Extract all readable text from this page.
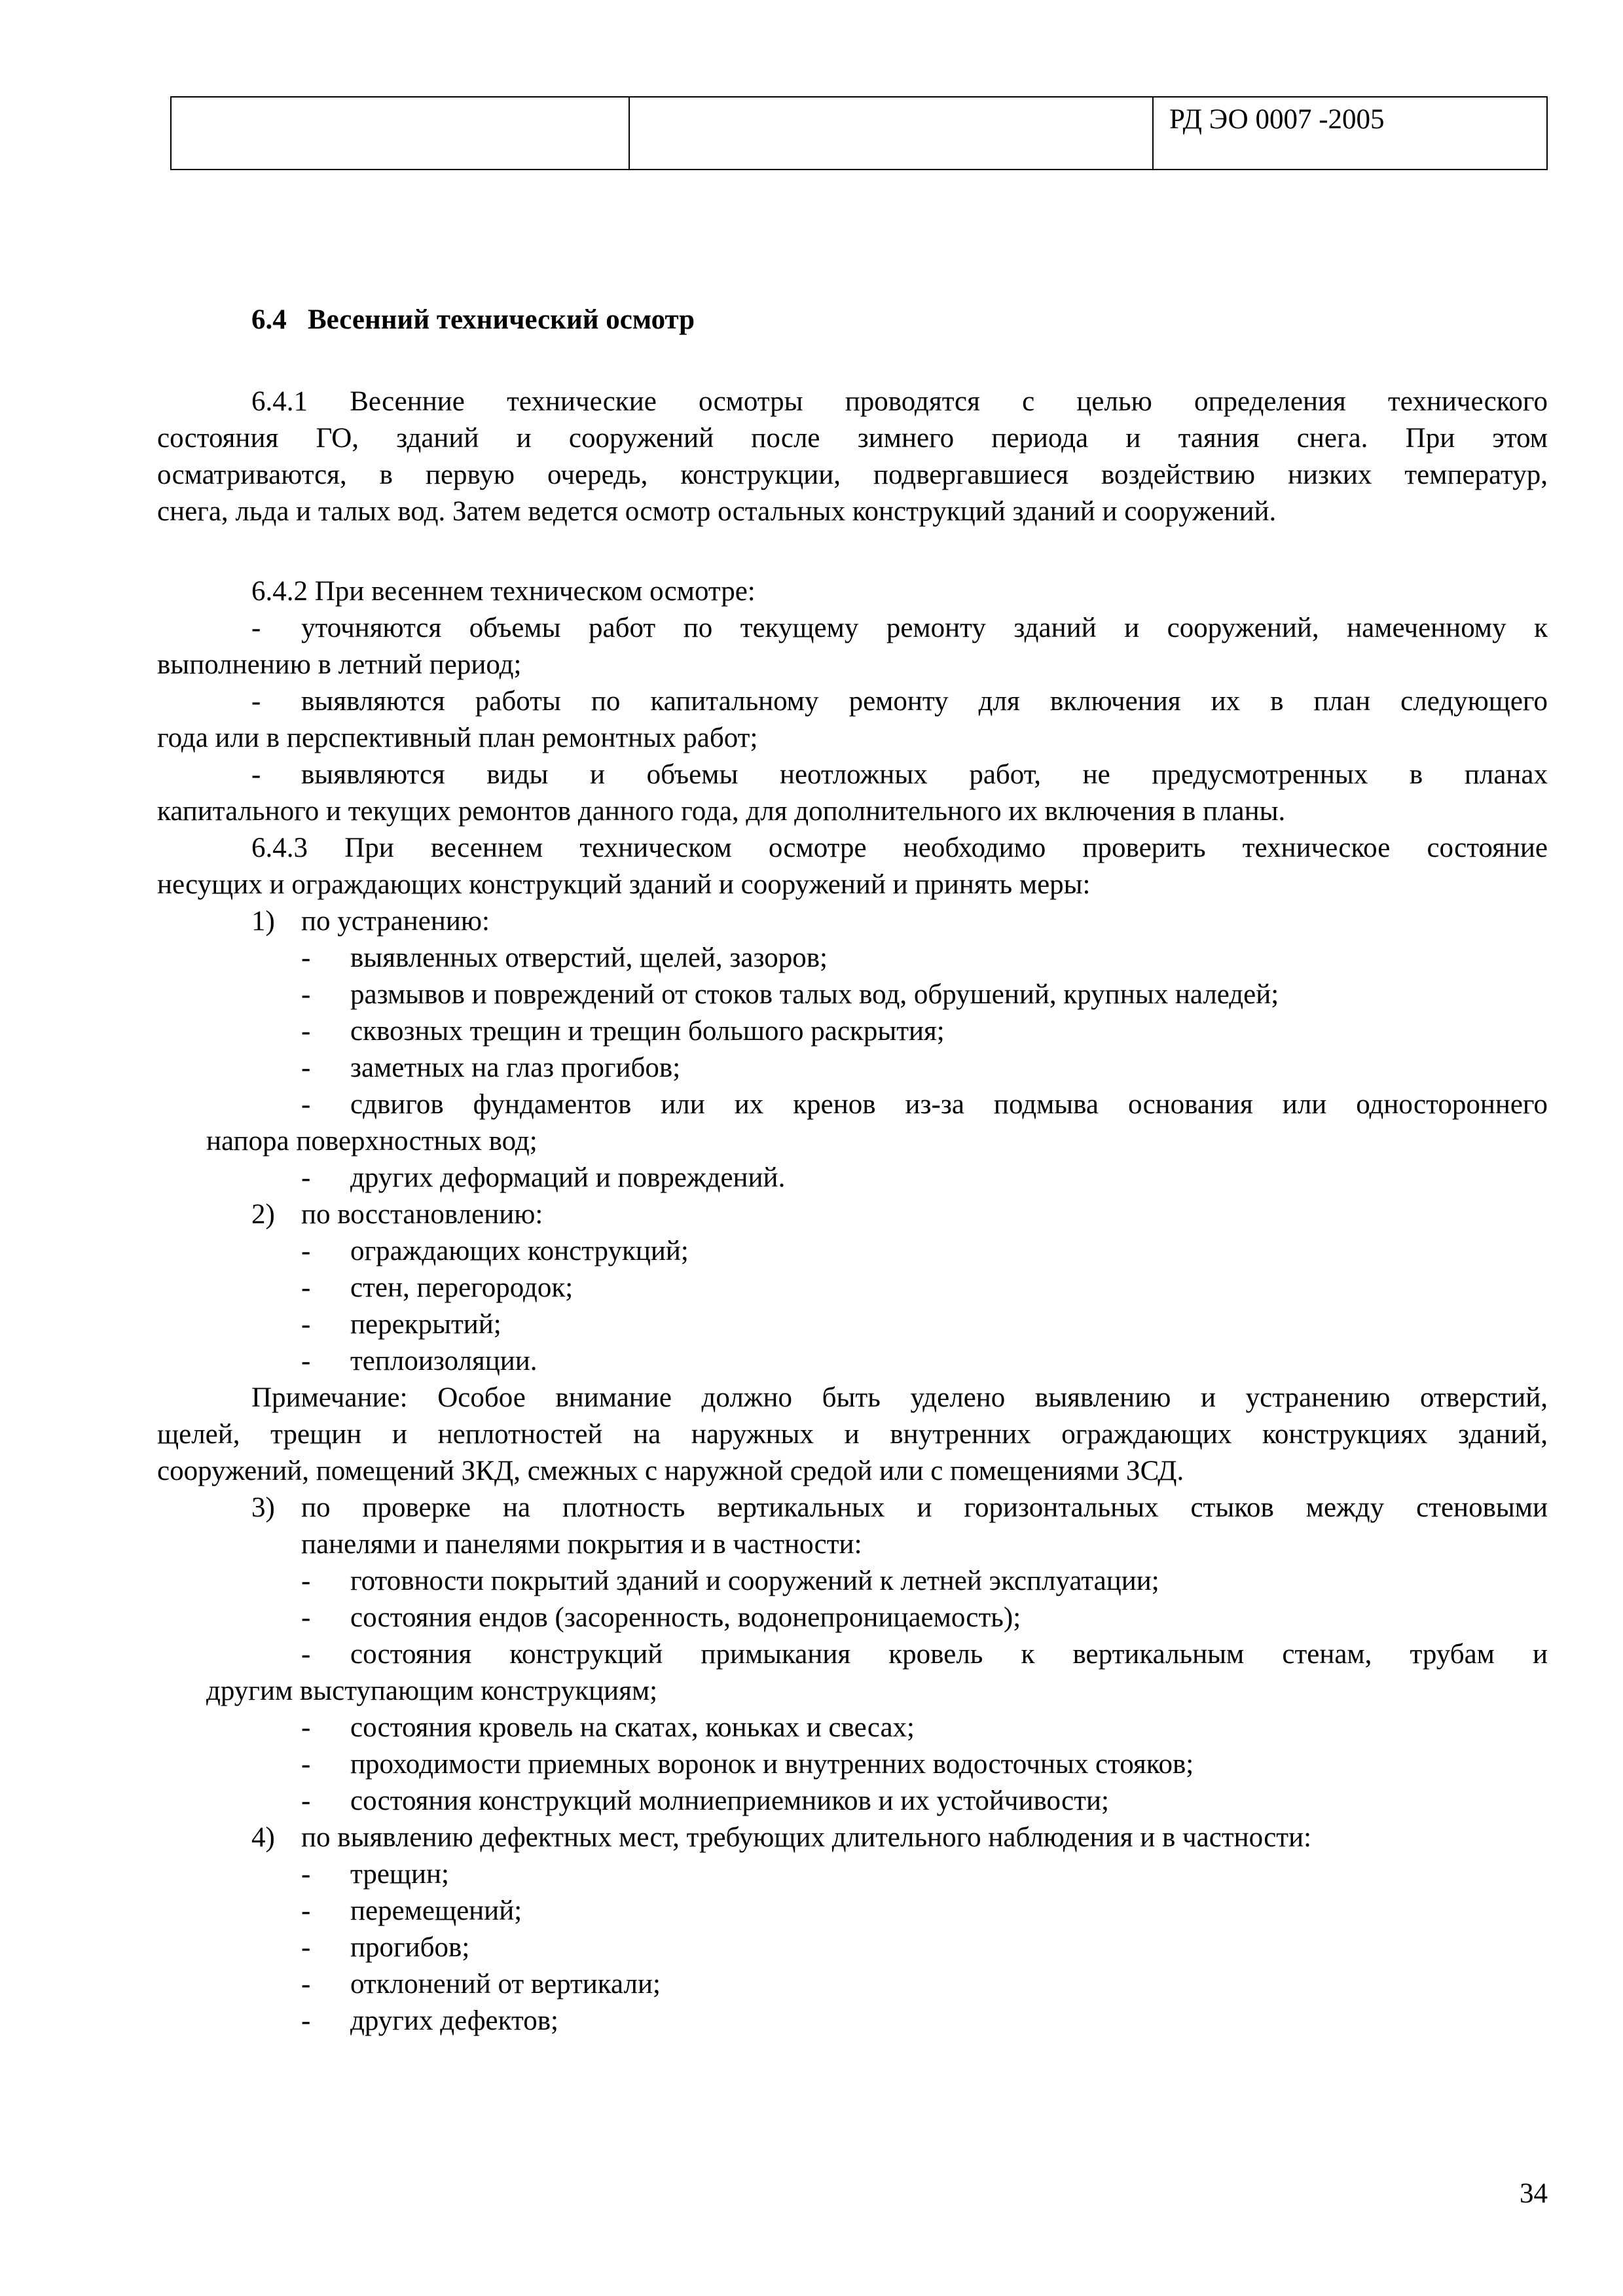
		РД ЭО 0007 -2005
6.4   Весенний технический осмотр
6.4.1 Весенние технические осмотры проводятся с целью определения технического
состояния ГО, зданий и сооружений после зимнего периода и таяния снега. При этом
осматриваются, в первую очередь, конструкции, подвергавшиеся воздействию низких температур,
снега, льда и талых вод. Затем ведется осмотр остальных конструкций зданий и сооружений.
6.4.2 При весеннем техническом осмотре:
- уточняются объемы работ по текущему ремонту зданий и сооружений, намеченному к
выполнению в летний период;
- выявляются работы по капитальному ремонту для включения их в план следующего
года или в перспективный план ремонтных работ;
- выявляются виды и объемы неотложных работ, не предусмотренных в планах
капитального и текущих ремонтов данного года, для дополнительного их включения в планы.
6.4.3 При весеннем техническом осмотре необходимо проверить техническое состояние
несущих и ограждающих конструкций зданий и сооружений и принять меры:
1) по устранению:
- выявленных отверстий, щелей, зазоров;
- размывов и повреждений от стоков талых вод, обрушений, крупных наледей;
- сквозных трещин и трещин большого раскрытия;
- заметных на глаз прогибов;
- сдвигов фундаментов или их кренов из-за подмыва основания или одностороннего
напора поверхностных вод;
- других деформаций и повреждений.
2) по восстановлению:
- ограждающих конструкций;
- стен, перегородок;
- перекрытий;
- теплоизоляции.
Примечание: Особое внимание должно быть уделено выявлению и устранению отверстий,
щелей, трещин и неплотностей на наружных и внутренних ограждающих конструкциях зданий,
сооружений, помещений ЗКД, смежных с наружной средой или с помещениями ЗСД.
3) по проверке на плотность вертикальных и горизонтальных стыков между стеновыми
панелями и панелями покрытия и в частности:
- готовности покрытий зданий и сооружений к летней эксплуатации;
- состояния ендов (засоренность, водонепроницаемость);
- состояния конструкций примыкания кровель к вертикальным стенам, трубам и
другим выступающим конструкциям;
- состояния кровель на скатах, коньках и свесах;
- проходимости приемных воронок и внутренних водосточных стояков;
- состояния конструкций молниеприемников и их устойчивости;
4) по выявлению дефектных мест, требующих длительного наблюдения и в частности:
- трещин;
- перемещений;
- прогибов;
- отклонений от вертикали;
- других дефектов;
34
